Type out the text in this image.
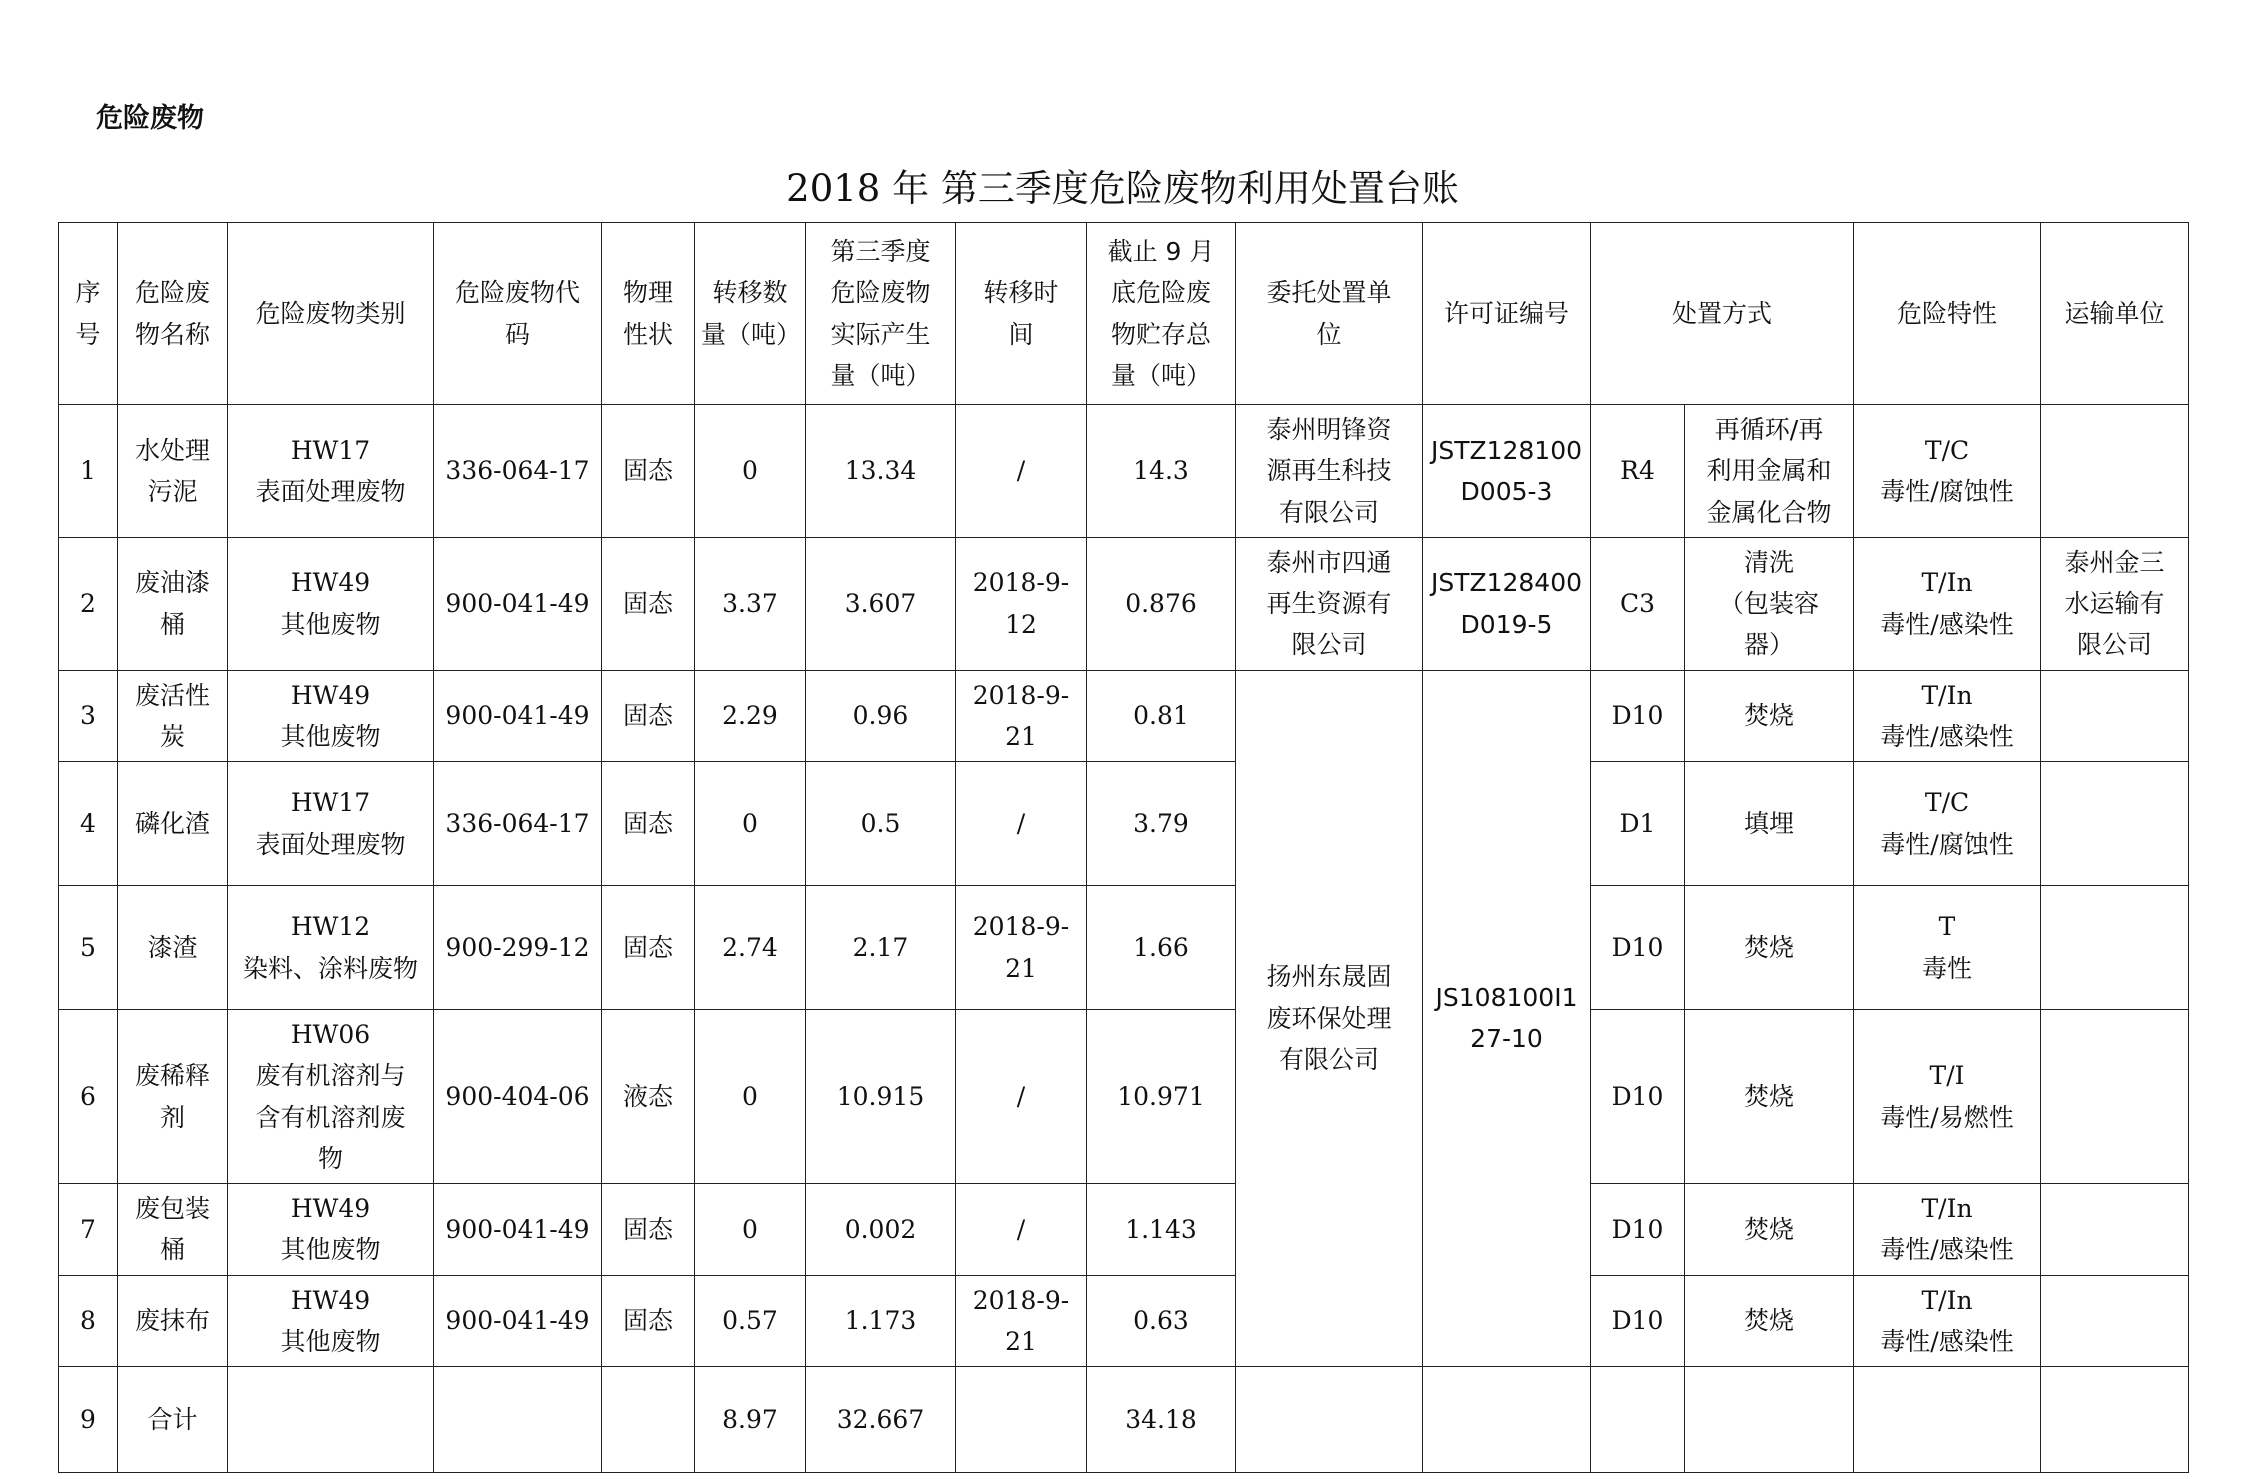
危险废物
2018 年 第三季度危险废物利用处置台账
序
号	危险废
物名称	危险废物类别	危险废物代
码	物理
性状	转移数
量（吨）	第三季度
危险废物
实际产生
量（吨）	转移时
间	截止 9 月
底危险废
物贮存总
量（吨）	委托处置单
位	许可证编号	处置方式		危险特性	运输单位
1	水处理
污泥	HW17
表面处理废物	336-064-17	固态	0	13.34	/	14.3	泰州明锋资
源再生科技
有限公司	JSTZ128100
D005-3	R4	再循环/再
利用金属和
金属化合物	T/C
毒性/腐蚀性	
2	废油漆
桶	HW49
其他废物	900-041-49	固态	3.37	3.607	2018-9-
12	0.876	泰州市四通
再生资源有
限公司	JSTZ128400
D019-5	C3	清洗
（包装容
器）	T/In
毒性/感染性	泰州金三
水运输有
限公司
3	废活性
炭	HW49
其他废物	900-041-49	固态	2.29	0.96	2018-9-
21	0.81	扬州东晟固
废环保处理
有限公司	JS108100I1
27-10	D10	焚烧	T/In
毒性/感染性	
4	磷化渣	HW17
表面处理废物	336-064-17	固态	0	0.5	/	3.79			D1	填埋	T/C
毒性/腐蚀性	
5	漆渣	HW12
染料、涂料废物	900-299-12	固态	2.74	2.17	2018-9-
21	1.66			D10	焚烧	T
毒性	
6	废稀释
剂	HW06
废有机溶剂与
含有机溶剂废
物	900-404-06	液态	0	10.915	/	10.971			D10	焚烧	T/I
毒性/易燃性	
7	废包装
桶	HW49
其他废物	900-041-49	固态	0	0.002	/	1.143			D10	焚烧	T/In
毒性/感染性	
8	废抹布	HW49
其他废物	900-041-49	固态	0.57	1.173	2018-9-
21	0.63			D10	焚烧	T/In
毒性/感染性	
9	合计				8.97	32.667		34.18						
